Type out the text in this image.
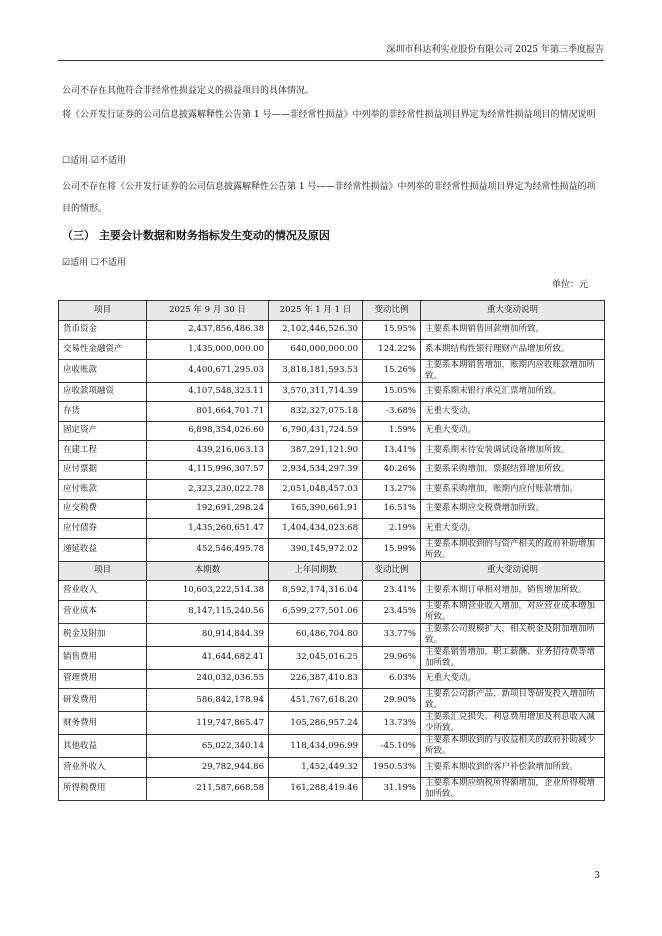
深圳市科达利实业股份有限公司 2025 年第三季度报告
公司不存在其他符合非经常性损益定义的损益项目的具体情况。
将《公开发行证券的公司信息披露解释性公告第 1 号——非经常性损益》中列举的非经常性损益项目界定为经常性损益项目的情况说明
☐适用 ☑不适用
公司不存在将《公开发行证券的公司信息披露解释性公告第 1 号——非经常性损益》中列举的非经常性损益项目界定为经常性损益的项目的情形。
（三） 主要会计数据和财务指标发生变动的情况及原因
☑适用 ☐不适用
单位：元
项目	2025 年 9 月 30 日	2025 年 1 月 1 日	变动比例	重大变动说明
货币资金	2,437,856,486.38	2,102,446,526.30	15.95%	主要系本期销售回款增加所致。
交易性金融资产	1,435,000,000.00	640,000,000.00	124.22%	系本期结构性银行理财产品增加所致。
应收账款	4,400,671,295.03	3,818,181,593.53	15.26%	主要系本期销售增加，账期内应收账款增加所致。
应收款项融资	4,107,548,323.11	3,570,311,714.39	15.05%	主要系期末银行承兑汇票增加所致。
存货	801,664,701.71	832,327,075.18	-3.68%	无重大变动。
固定资产	6,898,354,026.60	6,790,431,724.59	1.59%	无重大变动。
在建工程	439,216,063.13	387,291,121.90	13.41%	主要系期末待安装调试设备增加所致。
应付票据	4,115,996,307.57	2,934,534,297.39	40.26%	主要系采购增加，票据结算增加所致。
应付账款	2,323,230,022.78	2,051,048,457.03	13.27%	主要系采购增加，账期内应付账款增加。
应交税费	192,691,298.24	165,390,661.91	16.51%	主要系本期应交税费增加所致。
应付债券	1,435,260,651.47	1,404,434,023.68	2.19%	无重大变动。
递延收益	452,546,495.78	390,145,972.02	15.99%	主要系本期收到的与资产相关的政府补助增加所致。
项目	本期数	上年同期数	变动比例	重大变动说明
营业收入	10,603,222,514.38	8,592,174,316.04	23.41%	主要系本期订单相对增加，销售增加所致。
营业成本	8,147,115,240.56	6,599,277,501.06	23.45%	主要系本期营业收入增加，对应营业成本增加所致。
税金及附加	80,914,844.39	60,486,704.80	33.77%	主要系公司规模扩大，相关税金及附加增加所致。
销售费用	41,644,682.41	32,045,016.25	29.96%	主要系销售增加，职工薪酬、业务招待费等增加所致。
管理费用	240,032,036.55	226,387,410.83	6.03%	无重大变动。
研发费用	586,842,178.94	451,767,618.20	29.90%	主要系公司新产品、新项目等研发投入增加所致。
财务费用	119,747,865.47	105,286,957.24	13.73%	主要系汇兑损失、利息费用增加及利息收入减少所致。
其他收益	65,022,340.14	118,434,096.99	-45.10%	主要系本期收到的与收益相关的政府补助减少所致。
营业外收入	29,782,944.86	1,452,449.32	1950.53%	主要系本期收到的客户补偿款增加所致。
所得税费用	211,587,668.58	161,288,419.46	31.19%	主要系本期应纳税所得额增加，企业所得税增加所致。
3
